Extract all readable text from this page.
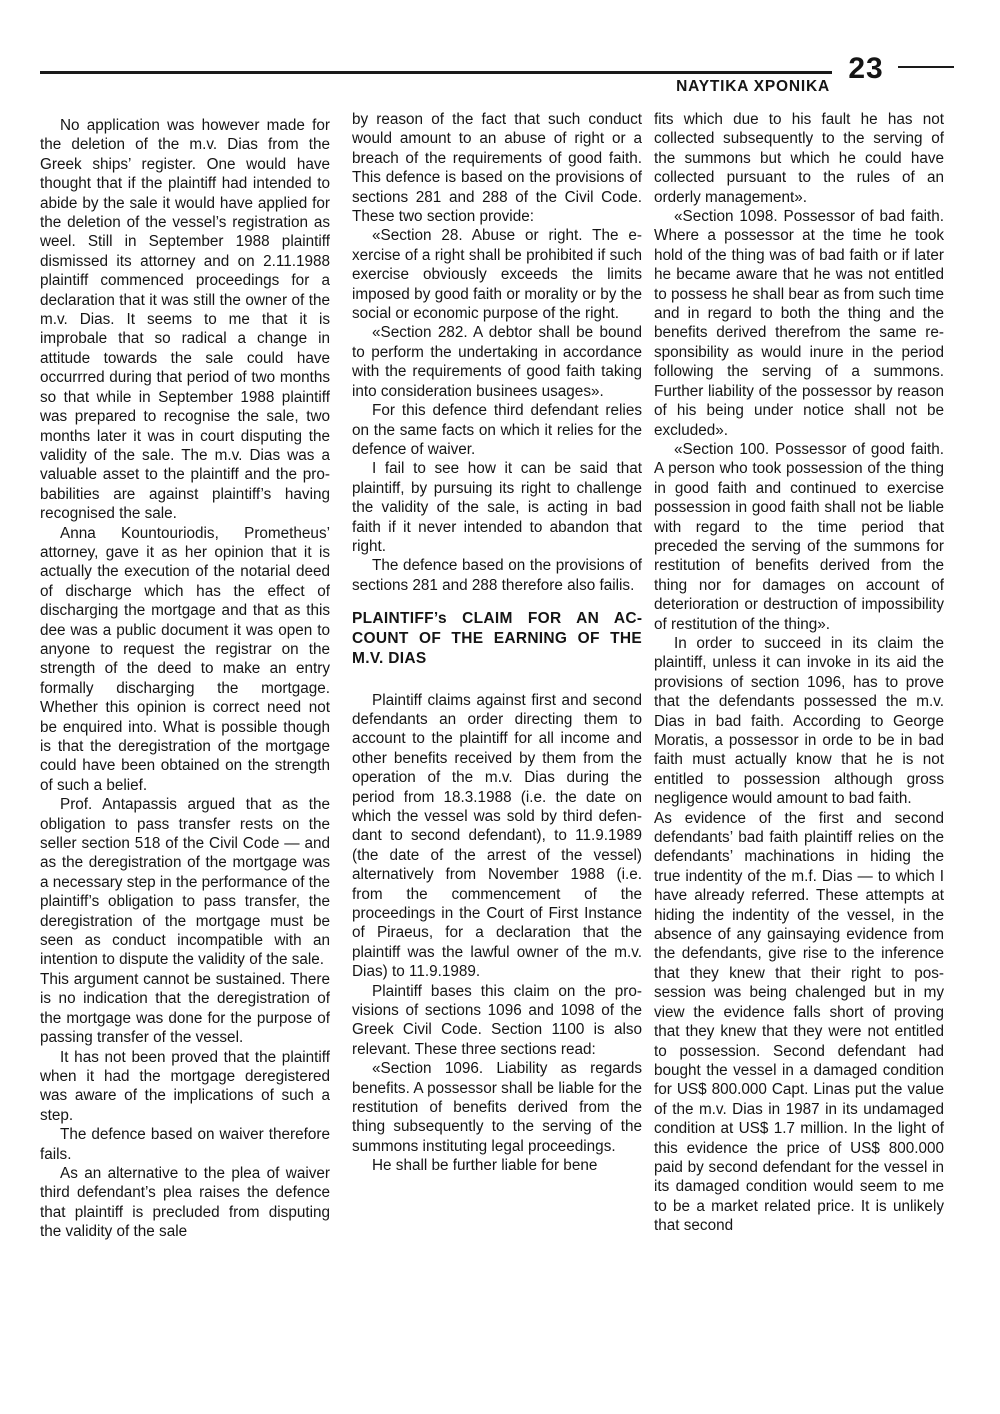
NAYTIKA XPONIKA
23

No application was however made for the deletion of the m.v. Dias from the Greek ships’ register. One would have thought that if the plaintiff had intended to abide by the sale it would have applied for the deletion of the vessel’s registration as weel. Still in September 1988 plaintiff dismissed its attorney and on 2.11.1988 plaintiff commenced proceedings for a declaration that it was still the owner of the m.v. Dias. It seems to me that it is improbale that so radical a change in attitude towards the sale could have occurrred during that period of two months so that while in September 1988 plaintiff was prepared to recognise the sale, two months later it was in court disputing the validity of the sale. The m.v. Dias was a valuable asset to the plaintiff and the probabilities are against plaintiff’s having recognised the sale.

Anna Kountouriodis, Prometheus’ attorney, gave it as her opinion that it is actually the execution of the notarial deed of discharge which has the effect of discharging the mortgage and that as this dee was a public document it was open to anyone to request the registrar on the strength of the deed to make an entry formally discharging the mortgage. Whether this opinion is correct need not be enquired into. What is possible though is that the deregistration of the mortgage could have been obtained on the strength of such a belief.

Prof. Antapassis argued that as the obligation to pass transfer rests on the seller section 518 of the Civil Code — and as the deregistration of the mortgage was a necessary step in the performance of the plaintiff’s obligation to pass transfer, the deregistration of the mortgage must be seen as conduct incompatible with an intention to dispute the validity of the sale.

This argument cannot be sustained. There is no indication that the deregistration of the mortgage was done for the purpose of passing transfer of the vessel.

It has not been proved that the plaintiff when it had the mortgage deregistered was aware of the implications of such a step.

The defence based on waiver therefore fails.

As an alternative to the plea of waiver third defendant’s plea raises the defence that plaintiff is precluded from disputing the validity of the sale

by reason of the fact that such conduct would amount to an abuse of right or a breach of the requirements of good faith. This defence is based on the provisions of sections 281 and 288 of the Civil Code. These two section provide:

«Section 28. Abuse or right. The exercise of a right shall be prohibited if such exercise obviously exceeds the limits imposed by good faith or morality or by the social or economic purpose of the right.

«Section 282. A debtor shall be bound to perform the undertaking in accordance with the requirements of good faith taking into consideration businees usages».

For this defence third defendant relies on the same facts on which it relies for the defence of waiver.

I fail to see how it can be said that plaintiff, by pursuing its right to challenge the validity of the sale, is acting in bad faith if it never intended to abandon that right.

The defence based on the provisions of sections 281 and 288 therefore also failis.

PLAINTIFF’s CLAIM FOR AN ACCOUNT OF THE EARNING OF THE M.V. DIAS

Plaintiff claims against first and second defendants an order directing them to account to the plaintiff for all income and other benefits received by them from the operation of the m.v. Dias during the period from 18.3.1988 (i.e. the date on which the vessel was sold by third defendant to second defendant), to 11.9.1989 (the date of the arrest of the vessel) alternatively from November 1988 (i.e. from the commencement of the proceedings in the Court of First Instance of Piraeus, for a declaration that the plaintiff was the lawful owner of the m.v. Dias) to 11.9.1989.

Plaintiff bases this claim on the provisions of sections 1096 and 1098 of the Greek Civil Code. Section 1100 is also relevant. These three sections read:

«Section 1096. Liability as regards benefits. A possessor shall be liable for the restitution of benefits derived from the thing subsequently to the serving of the summons instituting legal proceedings.

He shall be further liable for bene

fits which due to his fault he has not collected subsequently to the serving of the summons but which he could have collected pursuant to the rules of an orderly management».

«Section 1098. Possessor of bad faith. Where a possessor at the time he took hold of the thing was of bad faith or if later he became aware that he was not entitled to possess he shall bear as from such time and in regard to both the thing and the benefits derived therefrom the same responsibility as would inure in the period following the serving of a summons. Further liability of the possessor by reason of his being under notice shall not be excluded».

«Section 100. Possessor of good faith. A person who took possession of the thing in good faith and continued to exercise possession in good faith shall not be liable with regard to the time period that preceded the serving of the summons for restitution of benefits derived from the thing nor for damages on account of deterioration or destruction of impossibility of restitution of the thing».

In order to succeed in its claim the plaintiff, unless it can invoke in its aid the provisions of section 1096, has to prove that the defendants possessed the m.v. Dias in bad faith. According to George Moratis, a possessor in orde to be in bad faith must actually know that he is not entitled to possession although gross negligence would amount to bad faith.

As evidence of the first and second defendants’ bad faith plaintiff relies on the defendants’ machinations in hiding the true indentity of the m.f. Dias — to which I have already referred. These attempts at hiding the indentity of the vessel, in the absence of any gainsaying evidence from the defendants, give rise to the inference that they knew that their right to possession was being chalenged but in my view the evidence falls short of proving that they knew that they were not entitled to possession. Second defendant had bought the vessel in a damaged condition for US$ 800.000 Capt. Linas put the value of the m.v. Dias in 1987 in its undamaged condition at US$ 1.7 million. In the light of this evidence the price of US$ 800.000 paid by second defendant for the vessel in its damaged condition would seem to me to be a market related price. It is unlikely that second
